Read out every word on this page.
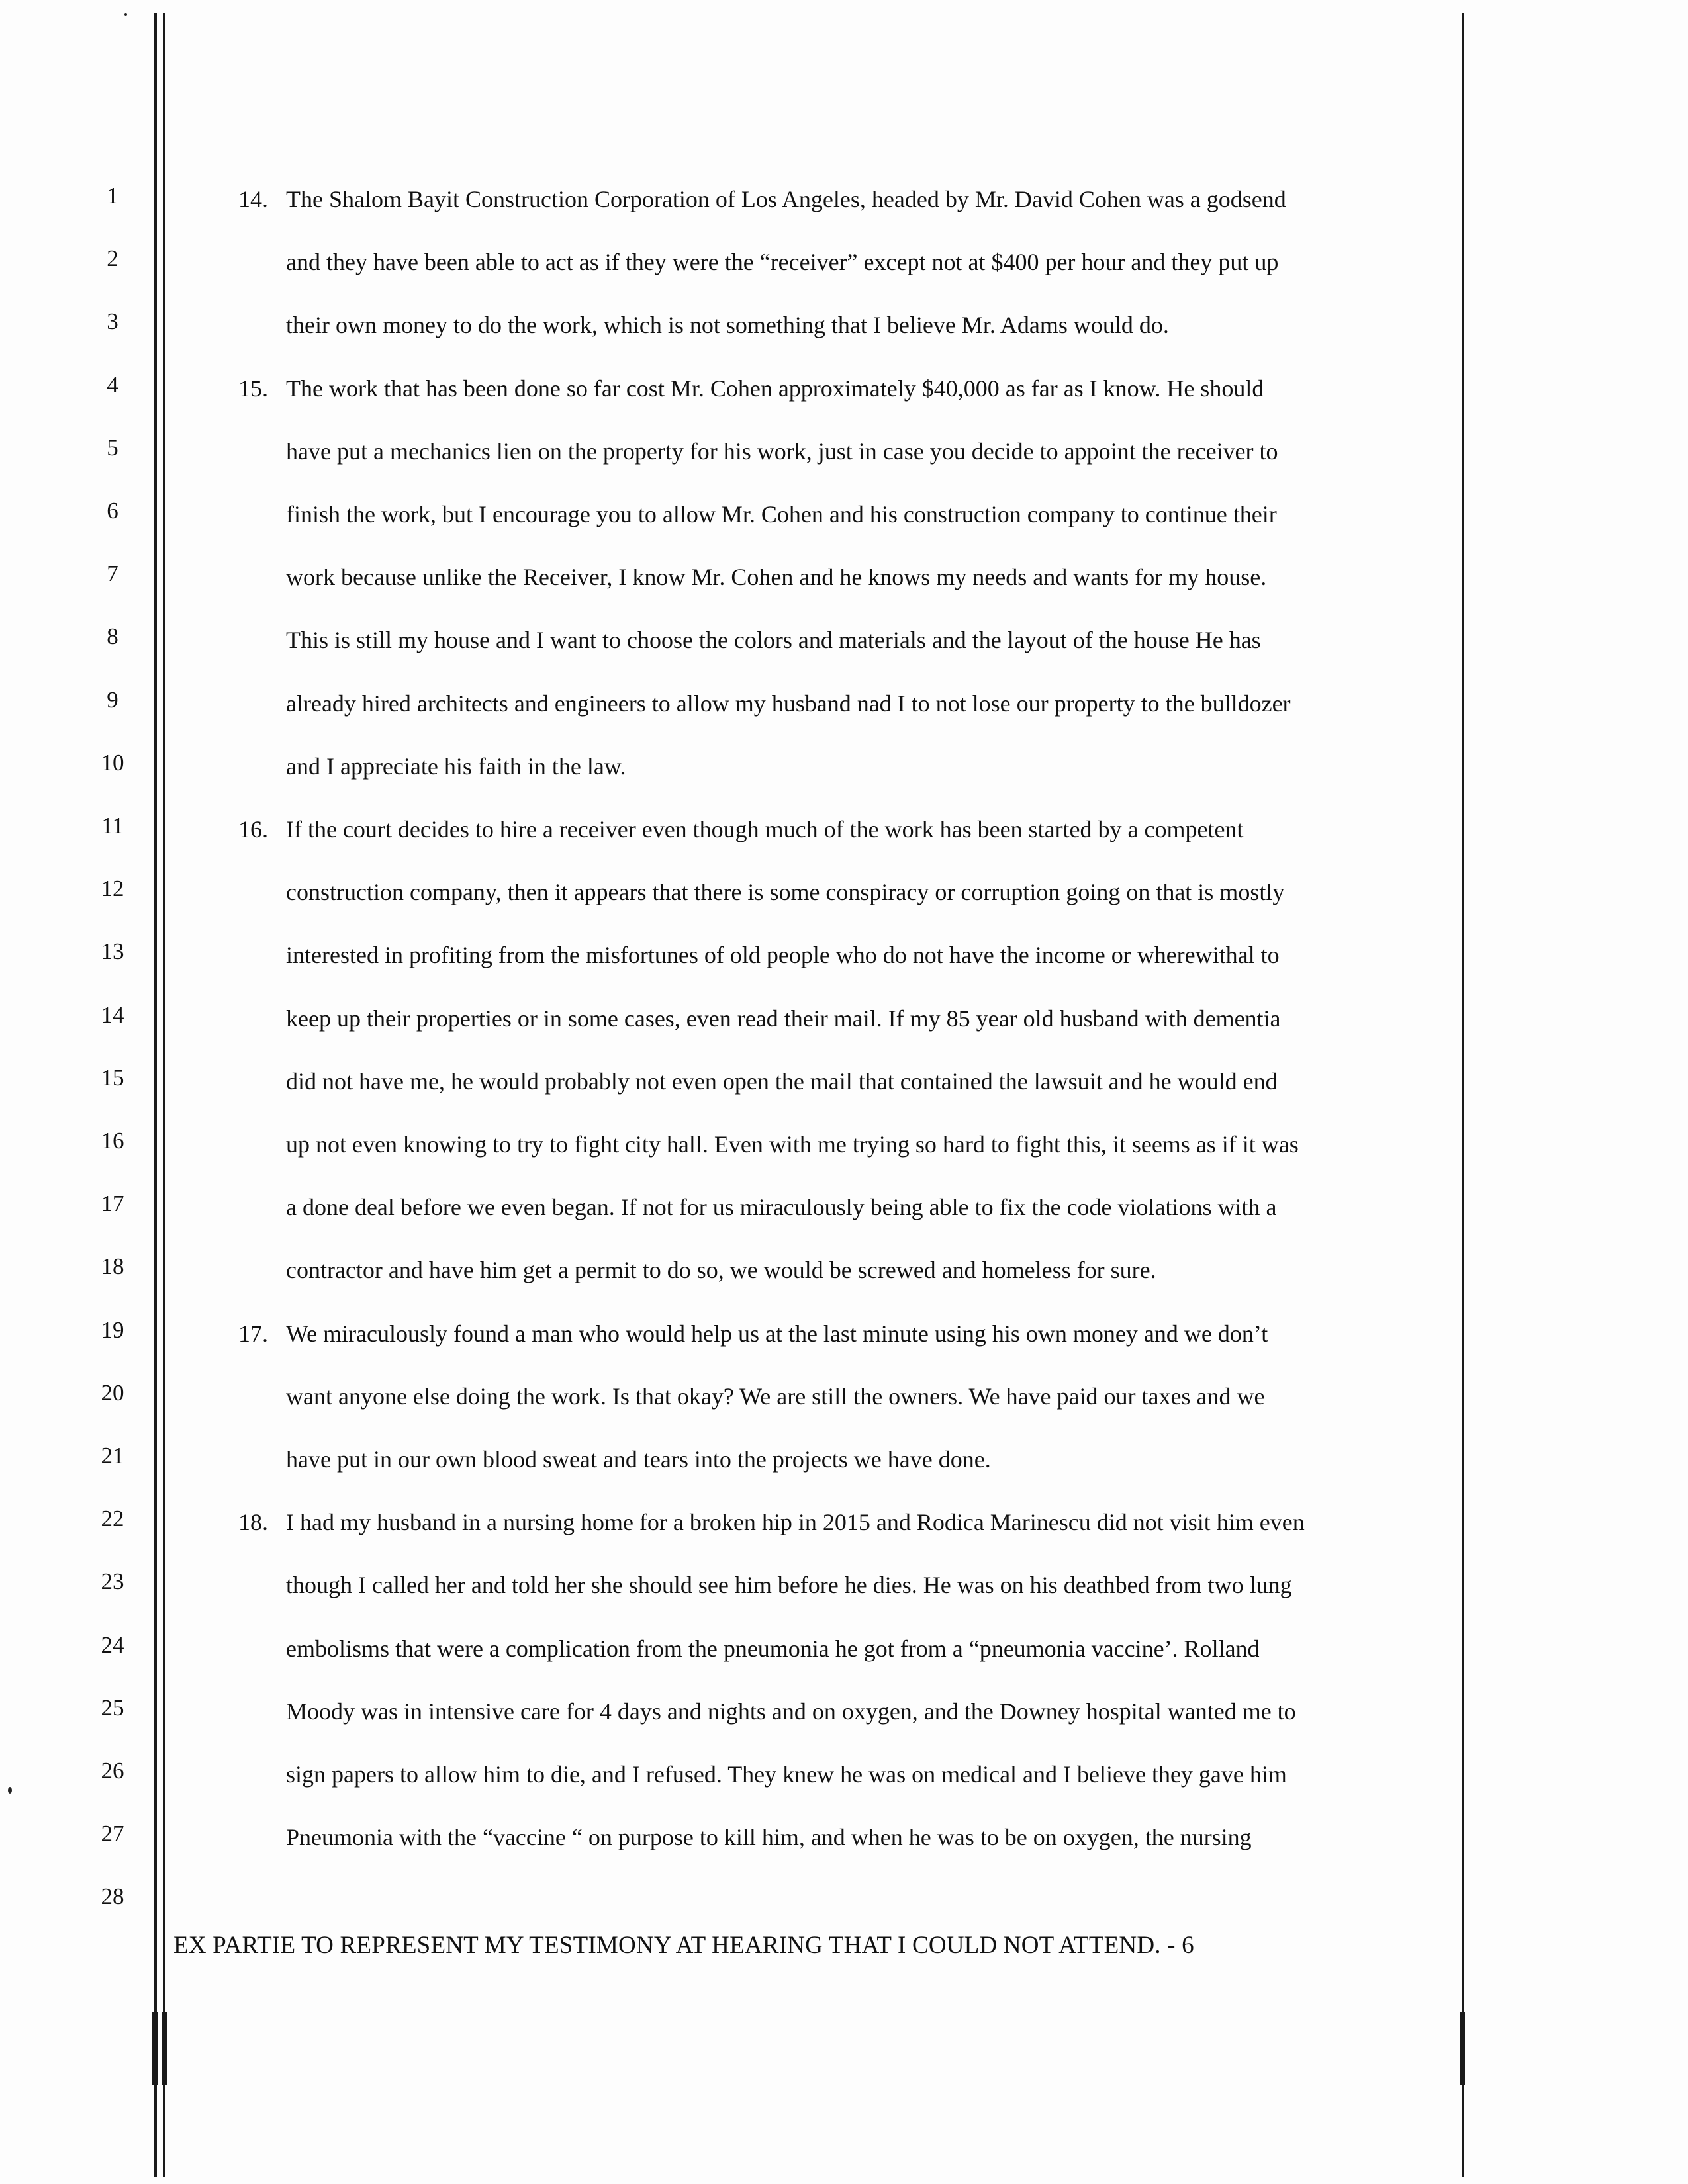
1
2
3
4
5
6
7
8
9
10
11
12
13
14
15
16
17
18
19
20
21
22
23
24
25
26
27
28
14. The Shalom Bayit Construction Corporation of Los Angeles, headed by Mr. David Cohen was a godsend
and they have been able to act as if they were the “receiver” except not at $400 per hour and they put up
their own money to do the work, which is not something that I believe Mr. Adams would do.
15. The work that has been done so far cost Mr. Cohen approximately $40,000 as far as I know. He should
have put a mechanics lien on the property for his work, just in case you decide to appoint the receiver to
finish the work, but I encourage you to allow Mr. Cohen and his construction company to continue their
work because unlike the Receiver, I know Mr. Cohen and he knows my needs and wants for my house.
This is still my house and I want to choose the colors and materials and the layout of the house He has
already hired architects and engineers to allow my husband nad I to not lose our property to the bulldozer
and I appreciate his faith in the law.
16. If the court decides to hire a receiver even though much of the work has been started by a competent
construction company, then it appears that there is some conspiracy or corruption going on that is mostly
interested in profiting from the misfortunes of old people who do not have the income or wherewithal to
keep up their properties or in some cases, even read their mail. If my 85 year old husband with dementia
did not have me, he would probably not even open the mail that contained the lawsuit and he would end
up not even knowing to try to fight city hall. Even with me trying so hard to fight this, it seems as if it was
a done deal before we even began. If not for us miraculously being able to fix the code violations with a
contractor and have him get a permit to do so, we would be screwed and homeless for sure.
17. We miraculously found a man who would help us at the last minute using his own money and we don’t
want anyone else doing the work. Is that okay? We are still the owners. We have paid our taxes and we
have put in our own blood sweat and tears into the projects we have done.
18. I had my husband in a nursing home for a broken hip in 2015 and Rodica Marinescu did not visit him even
though I called her and told her she should see him before he dies. He was on his deathbed from two lung
embolisms that were a complication from the pneumonia he got from a “pneumonia vaccine’. Rolland
Moody was in intensive care for 4 days and nights and on oxygen, and the Downey hospital wanted me to
sign papers to allow him to die, and I refused. They knew he was on medical and I believe they gave him
Pneumonia with the “vaccine “ on purpose to kill him, and when he was to be on oxygen, the nursing
EX PARTIE TO REPRESENT MY TESTIMONY AT HEARING THAT I COULD NOT ATTEND. - 6
